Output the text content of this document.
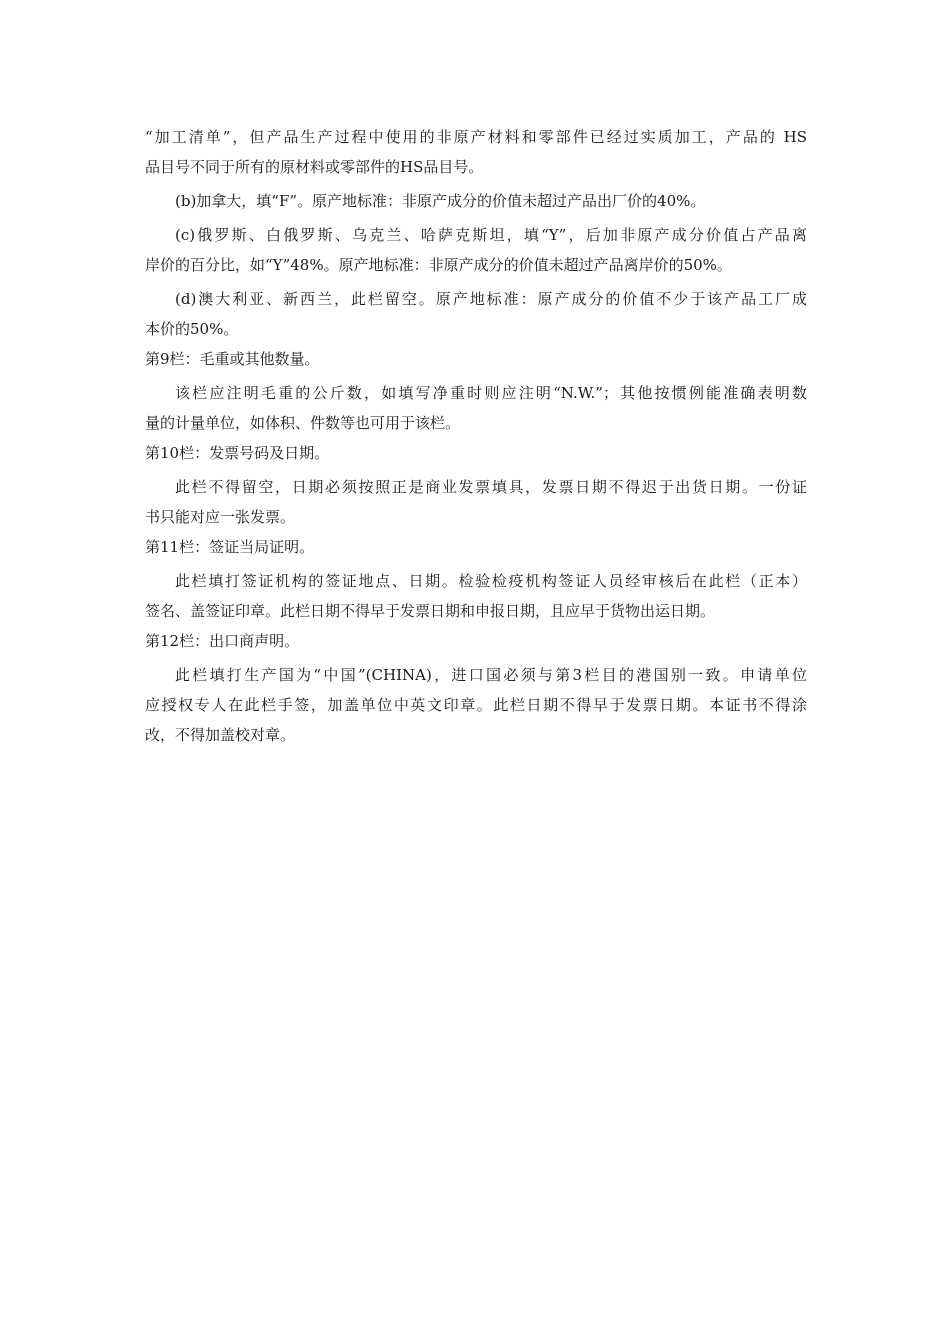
“加工清单”，但产品生产过程中使用的非原产材料和零部件已经过实质加工，产品的 HS
品目号不同于所有的原材料或零部件的HS品目号。
(b)加拿大，填“F”。原产地标准：非原产成分的价值未超过产品出厂价的40%。
(c)俄罗斯、白俄罗斯、乌克兰、哈萨克斯坦，填“Y”，后加非原产成分价值占产品离
岸价的百分比，如“Y”48%。原产地标准：非原产成分的价值未超过产品离岸价的50%。
(d)澳大利亚、新西兰，此栏留空。原产地标准：原产成分的价值不少于该产品工厂成
本价的50%。
第9栏：毛重或其他数量。
该栏应注明毛重的公斤数，如填写净重时则应注明“N.W.”；其他按惯例能准确表明数
量的计量单位，如体积、件数等也可用于该栏。
第10栏：发票号码及日期。
此栏不得留空，日期必须按照正是商业发票填具，发票日期不得迟于出货日期。一份证
书只能对应一张发票。
第11栏：签证当局证明。
此栏填打签证机构的签证地点、日期。检验检疫机构签证人员经审核后在此栏（正本）
签名、盖签证印章。此栏日期不得早于发票日期和申报日期，且应早于货物出运日期。
第12栏：出口商声明。
此栏填打生产国为“中国”(CHINA)，进口国必须与第3栏目的港国别一致。申请单位
应授权专人在此栏手签，加盖单位中英文印章。此栏日期不得早于发票日期。本证书不得涂
改，不得加盖校对章。
